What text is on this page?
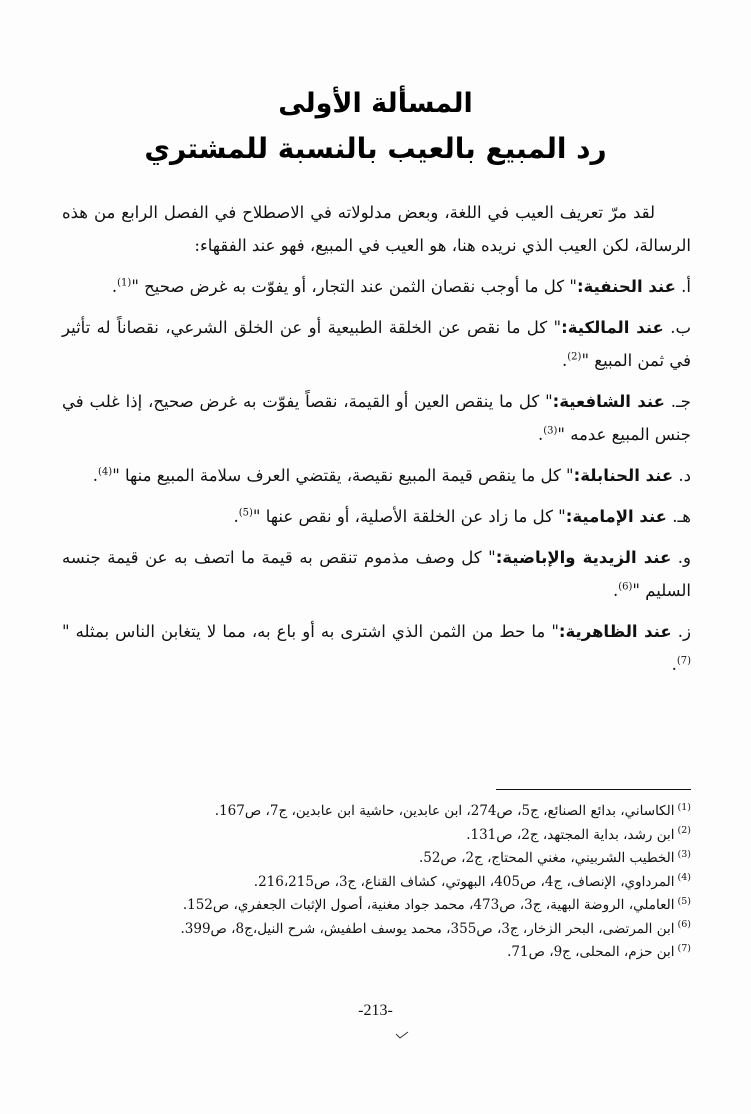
المسألة الأولى
رد المبيع بالعيب بالنسبة للمشتري

لقد مرّ تعريف العيب في اللغة، وبعض مدلولاته في الاصطلاح في الفصل الرابع من هذه الرسالة، لكن العيب الذي نريده هنا، هو العيب في المبيع، فهو عند الفقهاء:

أ. عند الحنفية:" كل ما أوجب نقصان الثمن عند التجار، أو يفوّت به غرض صحيح "$^{(1)}$.

ب. عند المالكية:" كل ما نقص عن الخلقة الطبيعية أو عن الخلق الشرعي، نقصاناً له تأثير في ثمن المبيع "$^{(2)}$.

جـ. عند الشافعية:" كل ما ينقص العين أو القيمة، نقصاً يفوّت به غرض صحيح، إذا غلب في جنس المبيع عدمه "$^{(3)}$.

د. عند الحنابلة:" كل ما ينقص قيمة المبيع نقيصة، يقتضي العرف سلامة المبيع منها "$^{(4)}$.

هـ. عند الإمامية:" كل ما زاد عن الخلقة الأصلية، أو نقص عنها "$^{(5)}$.

و. عند الزيدية والإباضية:" كل وصف مذموم تنقص به قيمة ما اتصف به عن قيمة جنسه السليم "$^{(6)}$.

ز. عند الظاهرية:" ما حط من الثمن الذي اشترى به أو باع به، مما لا يتغابن الناس بمثله "$^{(7)}$.

$^{(1)}$الكاساني، بدائع الصنائع، ج5، ص274، ابن عابدين، حاشية ابن عابدين، ج7، ص167.
$^{(2)}$ابن رشد، بداية المجتهد، ج2، ص131.
$^{(3)}$الخطيب الشربيني، مغني المحتاج، ج2، ص52.
$^{(4)}$المرداوي، الإنصاف، ج4، ص405، البهوتي، كشاف القناع، ج3، ص216،215.
$^{(5)}$العاملي، الروضة البهية، ج3، ص473، محمد جواد مغنية، أصول الإثبات الجعفري، ص152.
$^{(6)}$ابن المرتضى، البحر الزخار، ج3، ص355، محمد يوسف اطفيش، شرح النيل،ج8، ص399.
$^{(7)}$ابن حزم، المحلى، ج9، ص71.
-213-
